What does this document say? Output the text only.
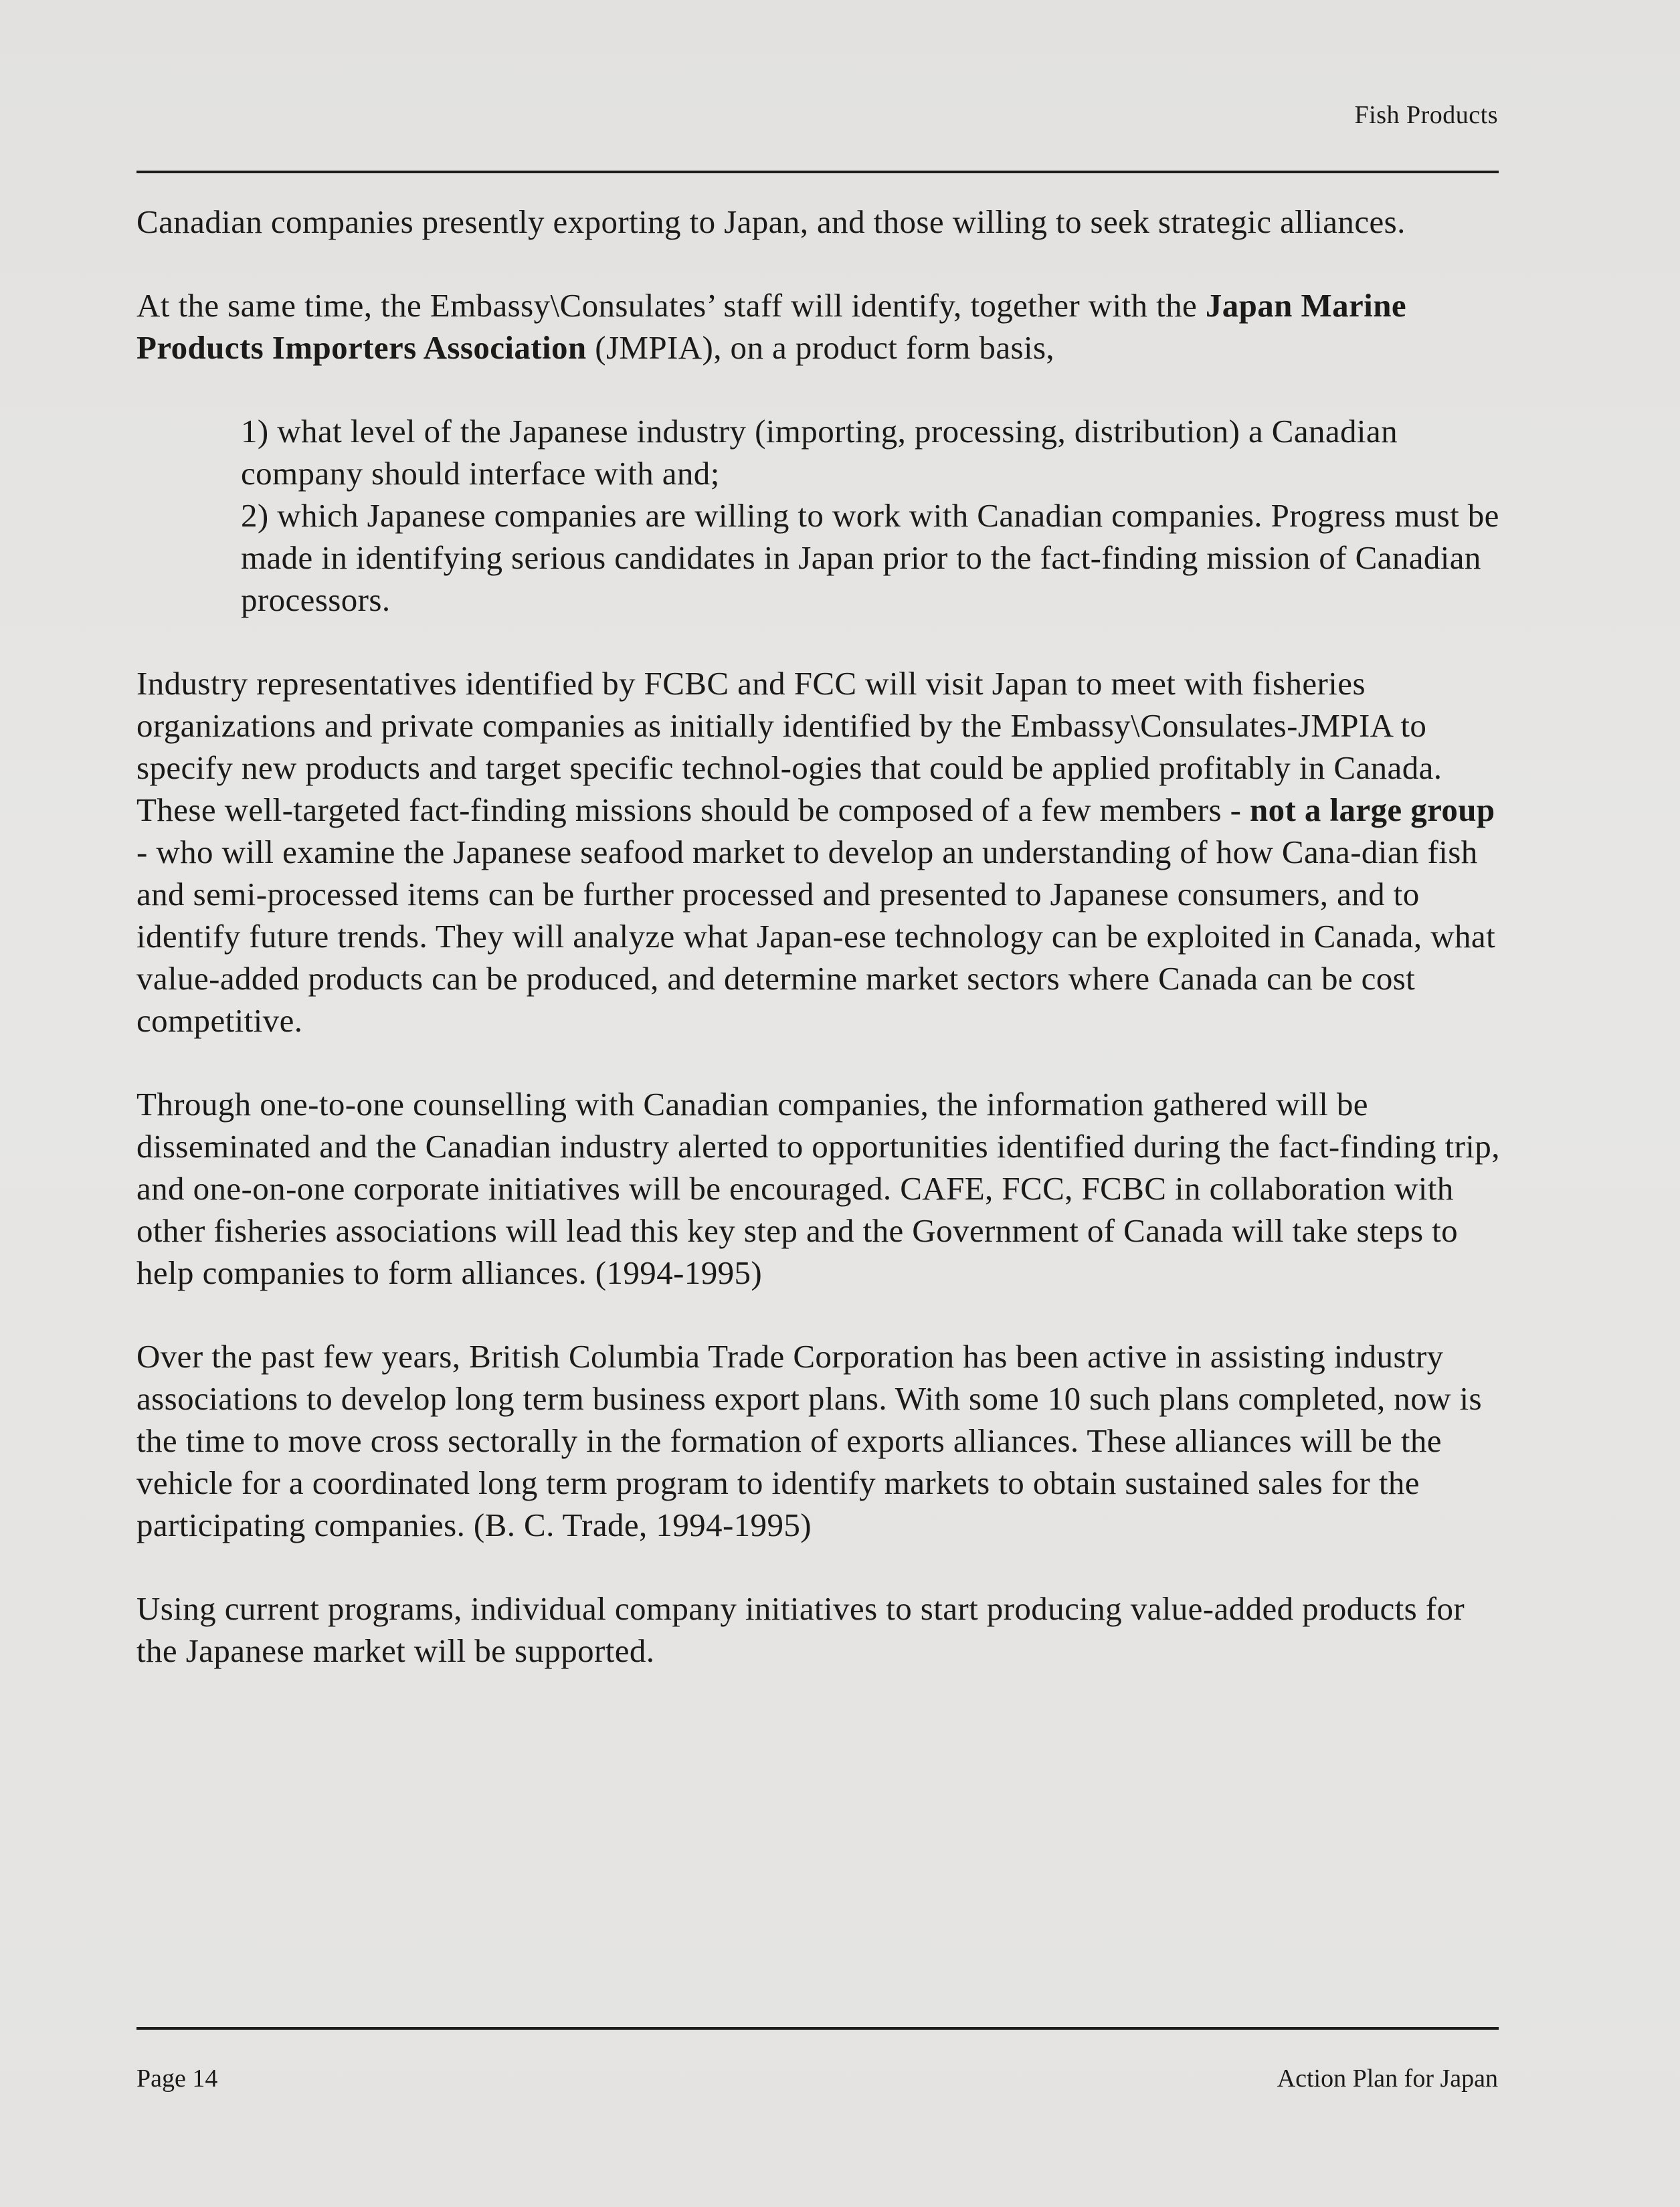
Fish Products

Canadian companies presently exporting to Japan, and those willing to seek strategic alliances.

At the same time, the Embassy\Consulates’ staff will identify, together with the Japan Marine Products Importers Association (JMPIA), on a product form basis,

1) what level of the Japanese industry (importing, processing, distribution) a Canadian company should interface with and;
2) which Japanese companies are willing to work with Canadian companies. Progress must be made in identifying serious candidates in Japan prior to the fact-finding mission of Canadian processors.

Industry representatives identified by FCBC and FCC will visit Japan to meet with fisheries organizations and private companies as initially identified by the Embassy\Consulates-JMPIA to specify new products and target specific technol-ogies that could be applied profitably in Canada. These well-targeted fact-finding missions should be composed of a few members - not a large group - who will examine the Japanese seafood market to develop an understanding of how Cana-dian fish and semi-processed items can be further processed and presented to Japanese consumers, and to identify future trends. They will analyze what Japan-ese technology can be exploited in Canada, what value-added products can be produced, and determine market sectors where Canada can be cost competitive.

Through one-to-one counselling with Canadian companies, the information gathered will be disseminated and the Canadian industry alerted to opportunities identified during the fact-finding trip, and one-on-one corporate initiatives will be encouraged. CAFE, FCC, FCBC in collaboration with other fisheries associations will lead this key step and the Government of Canada will take steps to help companies to form alliances. (1994-1995)

Over the past few years, British Columbia Trade Corporation has been active in assisting industry associations to develop long term business export plans. With some 10 such plans completed, now is the time to move cross sectorally in the formation of exports alliances. These alliances will be the vehicle for a coordinated long term program to identify markets to obtain sustained sales for the participating companies. (B. C. Trade, 1994-1995)

Using current programs, individual company initiatives to start producing value-added products for the Japanese market will be supported.

Page 14	Action Plan for Japan
